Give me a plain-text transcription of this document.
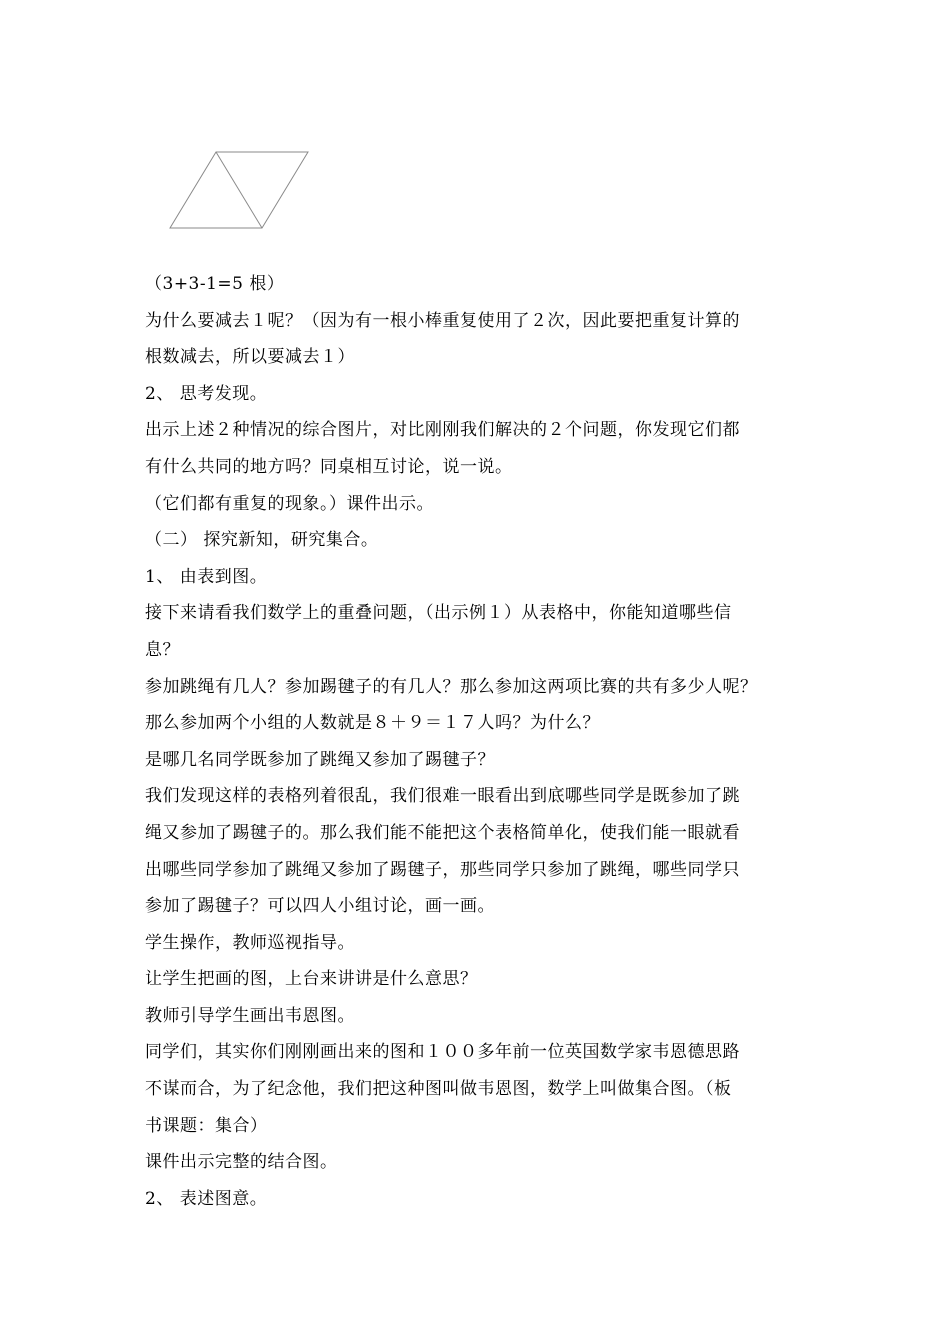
（3+3-1=5 根）
为什么要减去１呢？（因为有一根小棒重复使用了２次，因此要把重复计算的
根数减去，所以要减去１）
2、 思考发现。
出示上述２种情况的综合图片，对比刚刚我们解决的２个问题，你发现它们都
有什么共同的地方吗？同桌相互讨论，说一说。
（它们都有重复的现象。）课件出示。
（二） 探究新知，研究集合。
1、 由表到图。
接下来请看我们数学上的重叠问题，（出示例１）从表格中，你能知道哪些信
息？
参加跳绳有几人？参加踢毽子的有几人？那么参加这两项比赛的共有多少人呢？
那么参加两个小组的人数就是８＋９＝１７人吗？为什么？
是哪几名同学既参加了跳绳又参加了踢毽子？
我们发现这样的表格列着很乱，我们很难一眼看出到底哪些同学是既参加了跳
绳又参加了踢毽子的。那么我们能不能把这个表格简单化，使我们能一眼就看
出哪些同学参加了跳绳又参加了踢毽子，那些同学只参加了跳绳，哪些同学只
参加了踢毽子？可以四人小组讨论，画一画。
学生操作，教师巡视指导。
让学生把画的图，上台来讲讲是什么意思？
教师引导学生画出韦恩图。
同学们，其实你们刚刚画出来的图和１００多年前一位英国数学家韦恩德思路
不谋而合，为了纪念他，我们把这种图叫做韦恩图，数学上叫做集合图。（板
书课题：集合）
课件出示完整的结合图。
2、 表述图意。
